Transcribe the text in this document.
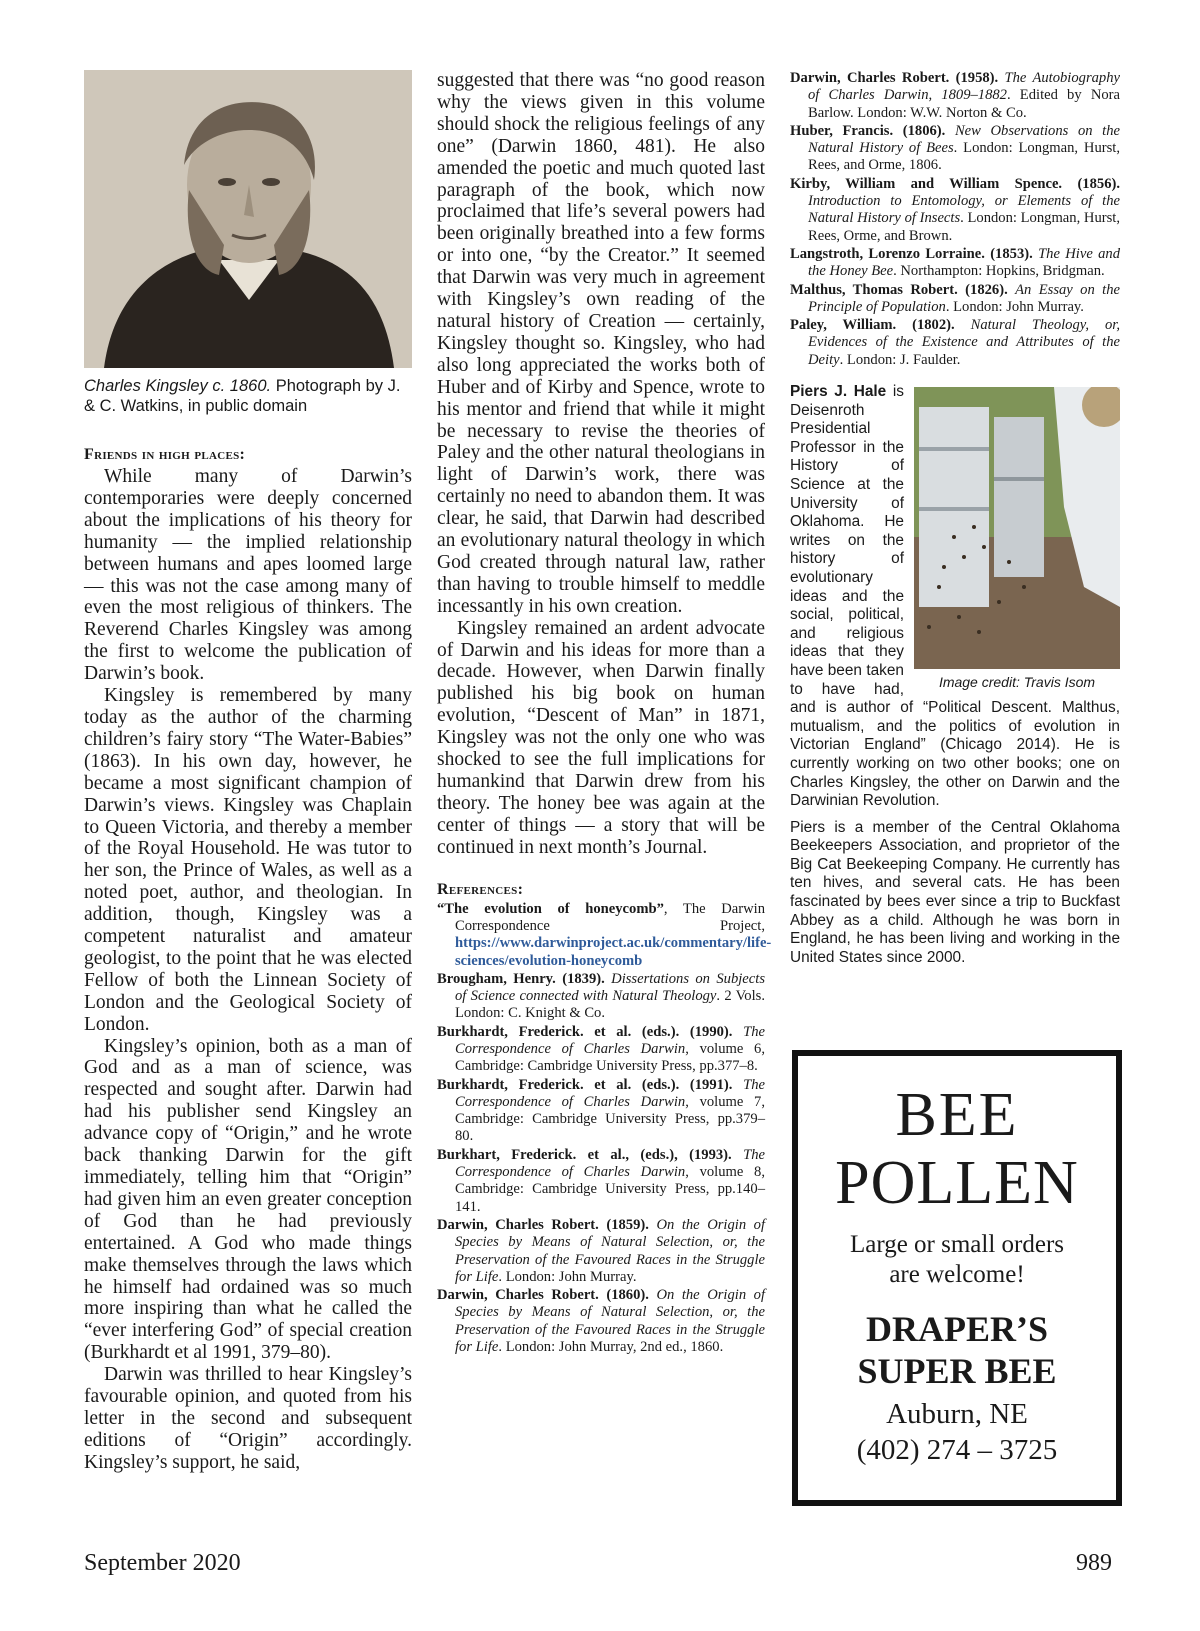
Charles Kingsley c. 1860. Photograph by J. & C. Watkins, in public domain
Friends in high places:

While many of Darwin’s contemporaries were deeply concerned about the implications of his theory for humanity — the implied relationship between humans and apes loomed large — this was not the case among many of even the most religious of thinkers. The Reverend Charles Kingsley was among the first to welcome the publication of Darwin’s book.

Kingsley is remembered by many today as the author of the charming children’s fairy story “The Water-Babies” (1863). In his own day, however, he became a most significant champion of Darwin’s views. Kingsley was Chaplain to Queen Victoria, and thereby a member of the Royal Household. He was tutor to her son, the Prince of Wales, as well as a noted poet, author, and theologian. In addition, though, Kingsley was a competent naturalist and amateur geologist, to the point that he was elected Fellow of both the Linnean Society of London and the Geological Society of London.

Kingsley’s opinion, both as a man of God and as a man of science, was respected and sought after. Darwin had had his publisher send Kingsley an advance copy of “Origin,” and he wrote back thanking Darwin for the gift immediately, telling him that “Origin” had given him an even greater conception of God than he had previously entertained. A God who made things make themselves through the laws which he himself had ordained was so much more inspiring than what he called the “ever interfering God” of special creation (Burkhardt et al 1991, 379–80).

Darwin was thrilled to hear Kingsley’s favourable opinion, and quoted from his letter in the second and subsequent editions of “Origin” accordingly. Kingsley’s support, he said,

suggested that there was “no good reason why the views given in this volume should shock the religious feelings of any one” (Darwin 1860, 481). He also amended the poetic and much quoted last paragraph of the book, which now proclaimed that life’s several powers had been originally breathed into a few forms or into one, “by the Creator.” It seemed that Darwin was very much in agreement with Kingsley’s own reading of the natural history of Creation — certainly, Kingsley thought so. Kingsley, who had also long appreciated the works both of Huber and of Kirby and Spence, wrote to his mentor and friend that while it might be necessary to revise the theories of Paley and the other natural theologians in light of Darwin’s work, there was certainly no need to abandon them. It was clear, he said, that Darwin had described an evolutionary natural theology in which God created through natural law, rather than having to trouble himself to meddle incessantly in his own creation.

Kingsley remained an ardent advocate of Darwin and his ideas for more than a decade. However, when Darwin finally published his big book on human evolution, “Descent of Man” in 1871, Kingsley was not the only one who was shocked to see the full implications for humankind that Darwin drew from his theory. The honey bee was again at the center of things — a story that will be continued in next month’s Journal.

References:
“The evolution of honeycomb”, The Darwin Correspondence Project, https://www.darwinproject.ac.uk/commentary/life-sciences/evolution-honeycomb
Brougham, Henry. (1839). Dissertations on Subjects of Science connected with Natural Theology. 2 Vols. London: C. Knight & Co.
Burkhardt, Frederick. et al. (eds.). (1990). The Correspondence of Charles Darwin, volume 6, Cambridge: Cambridge University Press, pp.377–8.
Burkhardt, Frederick. et al. (eds.). (1991). The Correspondence of Charles Darwin, volume 7, Cambridge: Cambridge University Press, pp.379–80.
Burkhart, Frederick. et al., (eds.), (1993). The Correspondence of Charles Darwin, volume 8, Cambridge: Cambridge University Press, pp.140–141.
Darwin, Charles Robert. (1859). On the Origin of Species by Means of Natural Selection, or, the Preservation of the Favoured Races in the Struggle for Life. London: John Murray.
Darwin, Charles Robert. (1860). On the Origin of Species by Means of Natural Selection, or, the Preservation of the Favoured Races in the Struggle for Life. London: John Murray, 2nd ed., 1860.
Darwin, Charles Robert. (1958). The Autobiography of Charles Darwin, 1809–1882. Edited by Nora Barlow. London: W.W. Norton & Co.
Huber, Francis. (1806). New Observations on the Natural History of Bees. London: Longman, Hurst, Rees, and Orme, 1806.
Kirby, William and William Spence. (1856). Introduction to Entomology, or Elements of the Natural History of Insects. London: Longman, Hurst, Rees, Orme, and Brown.
Langstroth, Lorenzo Lorraine. (1853). The Hive and the Honey Bee. Northampton: Hopkins, Bridgman.
Malthus, Thomas Robert. (1826). An Essay on the Principle of Population. London: John Murray.
Paley, William. (1802). Natural Theology, or, Evidences of the Existence and Attributes of the Deity. London: J. Faulder.
Image credit: Travis Isom

Piers J. Hale is Deisenroth Presidential Professor in the History of Science at the University of Oklahoma. He writes on the history of evolutionary ideas and the social, political, and religious ideas that they have been taken to have had, and is author of “Political Descent. Malthus, mutualism, and the politics of evolution in Victorian England” (Chicago 2014). He is currently working on two other books; one on Charles Kingsley, the other on Darwin and the Darwinian Revolution.

Piers is a member of the Central Oklahoma Beekeepers Association, and proprietor of the Big Cat Beekeeping Company. He currently has ten hives, and several cats. He has been fascinated by bees ever since a trip to Buckfast Abbey as a child. Although he was born in England, he has been living and working in the United States since 2000.

BEE
POLLEN
Large or small orders
are welcome!
DRAPER’S
SUPER BEE
Auburn, NE
(402) 274 – 3725
September 2020	989
